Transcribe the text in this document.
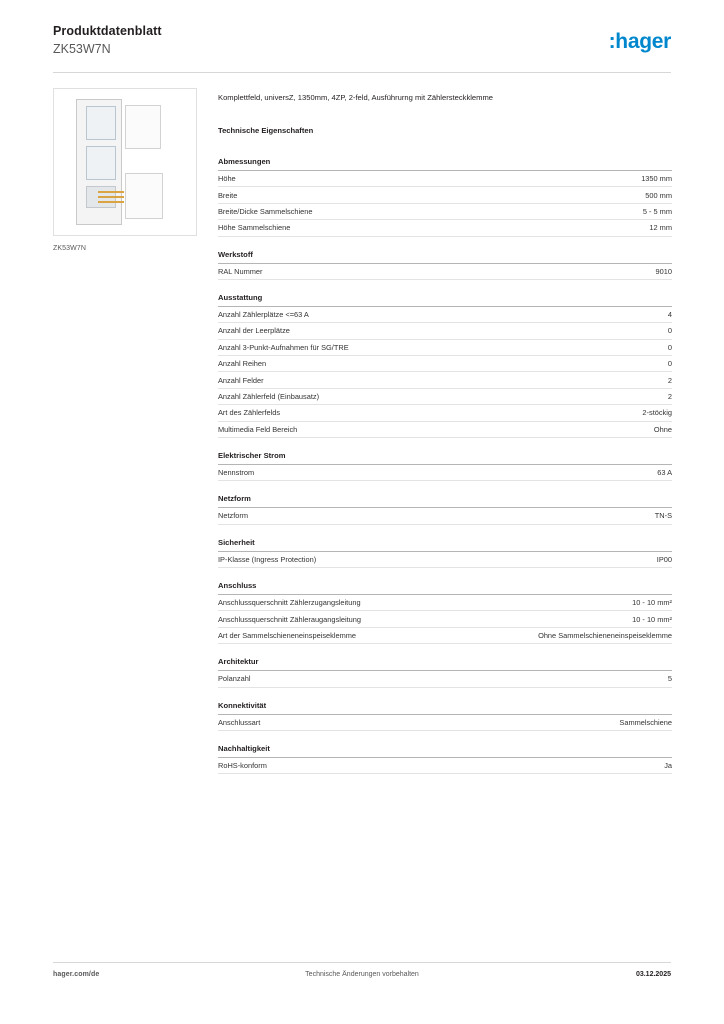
Produktdatenblatt
ZK53W7N	:hager
ZK53W7N
Komplettfeld, universZ, 1350mm, 4ZP, 2-feld, Ausführurng mit Zählersteckklemme
Technische Eigenschaften
Abmessungen
Höhe	1350 mm
Breite	500 mm
Breite/Dicke Sammelschiene	5 - 5 mm
Höhe Sammelschiene	12 mm
Werkstoff
RAL Nummer	9010
Ausstattung
Anzahl Zählerplätze <=63 A	4
Anzahl der Leerplätze	0
Anzahl 3-Punkt-Aufnahmen für SG/TRE	0
Anzahl Reihen	0
Anzahl Felder	2
Anzahl Zählerfeld (Einbausatz)	2
Art des Zählerfelds	2-stöckig
Multimedia Feld Bereich	Ohne
Elektrischer Strom
Nennstrom	63 A
Netzform
Netzform	TN-S
Sicherheit
IP-Klasse (Ingress Protection)	IP00
Anschluss
Anschlussquerschnitt Zählerzugangsleitung	10 - 10 mm²
Anschlussquerschnitt Zähleraugangsleitung	10 - 10 mm²
Art der Sammelschieneneinspeiseklemme	Ohne Sammelschieneneinspeiseklemme
Architektur
Polanzahl	5
Konnektivität
Anschlussart	Sammelschiene
Nachhaltigkeit
RoHS-konform	Ja
hager.com/de	Technische Änderungen vorbehalten	03.12.2025
